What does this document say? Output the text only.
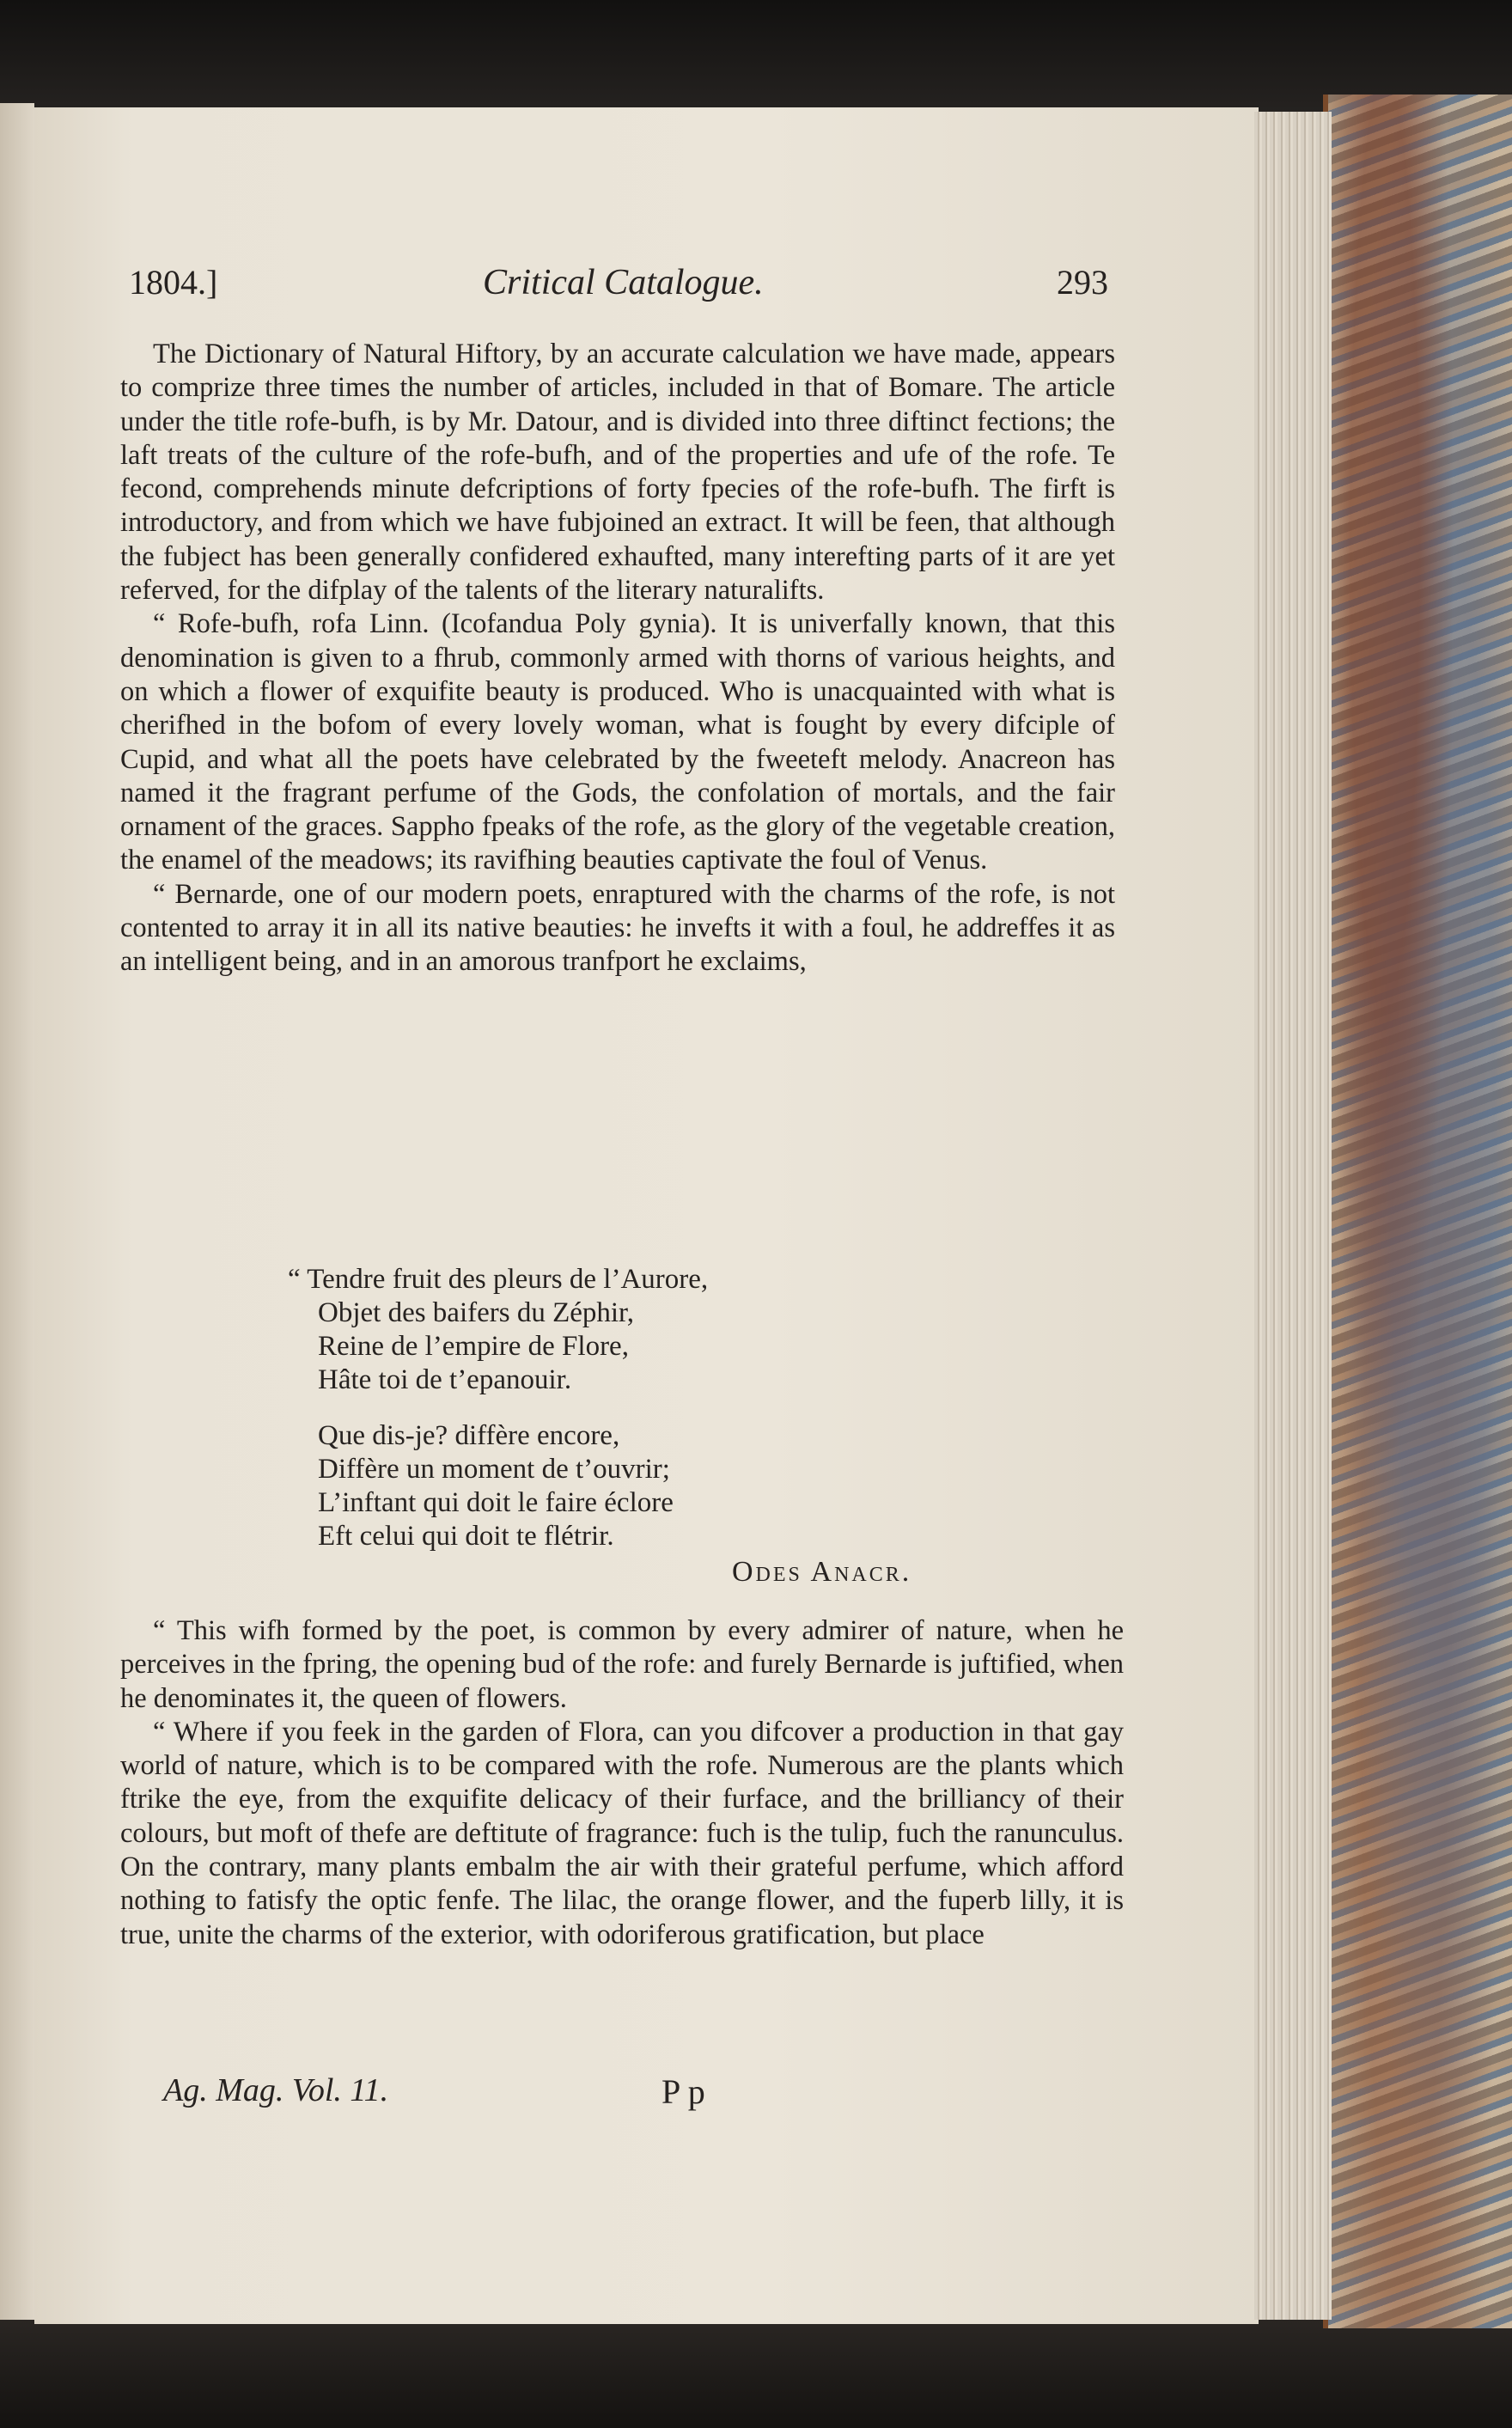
1804.]	Critical Catalogue.	293

The Dictionary of Natural Hiftory, by an accurate calculation we have made, appears to comprize three times the number of articles, included in that of Bomare. The article under the title rofe-bufh, is by Mr. Datour, and is divided into three diftinct fections; the laft treats of the culture of the rofe-bufh, and of the properties and ufe of the rofe. Te fecond, comprehends minute defcriptions of forty fpecies of the rofe-bufh. The firft is introductory, and from which we have fubjoined an extract. It will be feen, that although the fubject has been generally confidered exhaufted, many interefting parts of it are yet referved, for the difplay of the talents of the literary naturalifts.

“ Rofe-bufh, rofa Linn. (Icofandua Poly gynia). It is univerfally known, that this denomination is given to a fhrub, commonly armed with thorns of various heights, and on which a flower of exquifite beauty is produced. Who is unacquainted with what is cherifhed in the bofom of every lovely woman, what is fought by every difciple of Cupid, and what all the poets have celebrated by the fweeteft melody. Anacreon has named it the fragrant perfume of the Gods, the confolation of mortals, and the fair ornament of the graces. Sappho fpeaks of the rofe, as the glory of the vegetable creation, the enamel of the meadows; its ravifhing beauties captivate the foul of Venus.

“ Bernarde, one of our modern poets, enraptured with the charms of the rofe, is not contented to array it in all its native beauties: he invefts it with a foul, he addreffes it as an intelligent being, and in an amorous tranfport he exclaims,

“ Tendre fruit des pleurs de l’Aurore,
Objet des baifers du Zéphir,
Reine de l’empire de Flore,
Hâte toi de t’epanouir.
Que dis-je? diffère encore,
Diffère un moment de t’ouvrir;
L’inftant qui doit le faire éclore
Eft celui qui doit te flétrir.
Odes Anacr.

“ This wifh formed by the poet, is common by every admirer of nature, when he perceives in the fpring, the opening bud of the rofe: and furely Bernarde is juftified, when he denominates it, the queen of flowers.

“ Where if you feek in the garden of Flora, can you difcover a production in that gay world of nature, which is to be compared with the rofe. Numerous are the plants which ftrike the eye, from the exquifite delicacy of their furface, and the brilliancy of their colours, but moft of thefe are deftitute of fragrance: fuch is the tulip, fuch the ranunculus. On the contrary, many plants embalm the air with their grateful perfume, which afford nothing to fatisfy the optic fenfe. The lilac, the orange flower, and the fuperb lilly, it is true, unite the charms of the exterior, with odoriferous gratification, but place

Ag. Mag. Vol. 11.	P p
